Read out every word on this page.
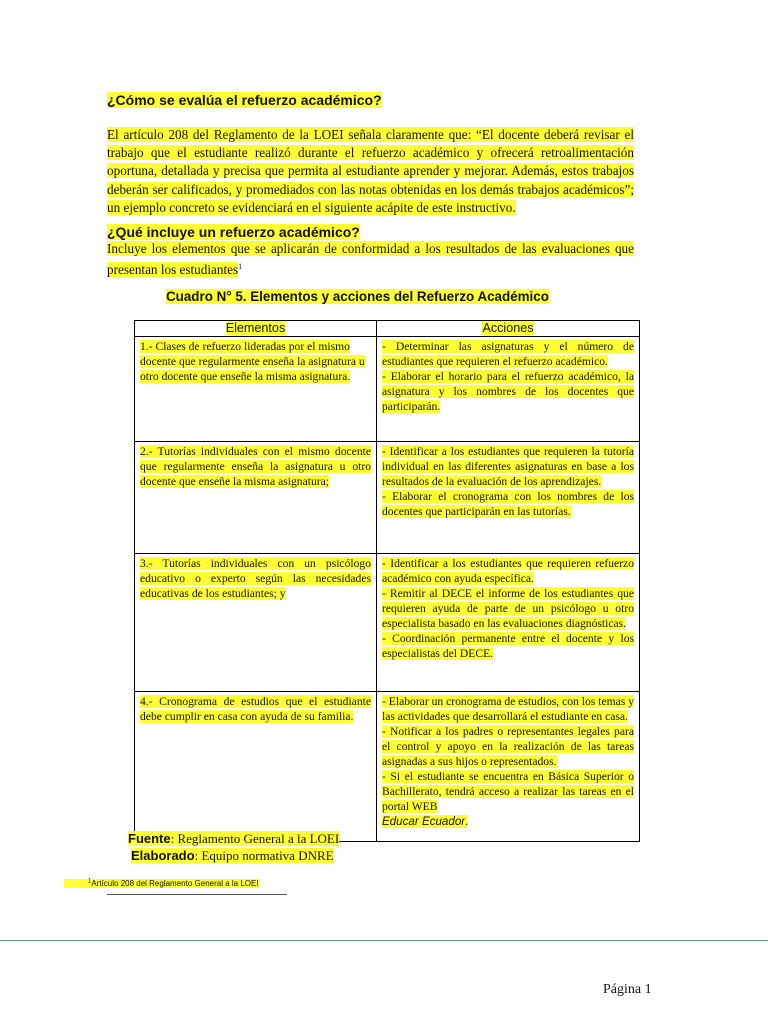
¿Cómo se evalúa el refuerzo académico?

El artículo 208 del Reglamento de la LOEI señala claramente que: “El docente deberá revisar el trabajo que el estudiante realizó durante el refuerzo académico y ofrecerá retroalimentación oportuna, detallada y precisa que permita al estudiante aprender y mejorar. Además, estos trabajos deberán ser calificados, y promediados con las notas obtenidas en los demás trabajos académicos”; un ejemplo concreto se evidenciará en el siguiente acápite de este instructivo.

¿Qué incluye un refuerzo académico?

Incluye los elementos que se aplicarán de conformidad a los resultados de las evaluaciones que presentan los estudiantes$^1$

Cuadro N° 5. Elementos y acciones del Refuerzo Académico
Elementos	Acciones
1.- Clases de refuerzo lideradas por el mismo docente que regularmente enseña la asignatura u otro docente que enseñe la misma asignatura.	- Determinar las asignaturas y el número de estudiantes que requieren el refuerzo académico.
- Elaborar el horario para el refuerzo académico, la asignatura y los nombres de los docentes que participarán.
2.- Tutorías individuales con el mismo docente que regularmente enseña la asignatura u otro docente que enseñe la misma asignatura;	- Identificar a los estudiantes que requieren la tutoría individual en las diferentes asignaturas en base a los resultados de la evaluación de los aprendizajes.
- Elaborar el cronograma con los nombres de los docentes que participarán en las tutorías.
3.- Tutorías individuales con un psicólogo educativo o experto según las necesidades educativas de los estudiantes; y	- Identificar a los estudiantes que requieren refuerzo académico con ayuda específica.
- Remitir al DECE el informe de los estudiantes que requieren ayuda de parte de un psicólogo u otro especialista basado en las evaluaciones diagnósticas.
- Coordinación permanente entre el docente y los especialistas del DECE.
4.- Cronograma de estudios que el estudiante debe cumplir en casa con ayuda de su familia.	- Elaborar un cronograma de estudios, con los temas y las actividades que desarrollará el estudiante en casa.
- Notificar a los padres o representantes legales para el control y apoyo en la realización de las tareas asignadas a sus hijos o representados.
- Si el estudiante se encuentra en Básica Superior o Bachillerato, tendrá acceso a realizar las tareas en el portal WEB
Educar Ecuador.
Fuente: Reglamento General a la LOEI
Elaborado: Equipo normativa DNRE
$^1$Artículo 208 del Reglamento General a la LOEI
Página 1
